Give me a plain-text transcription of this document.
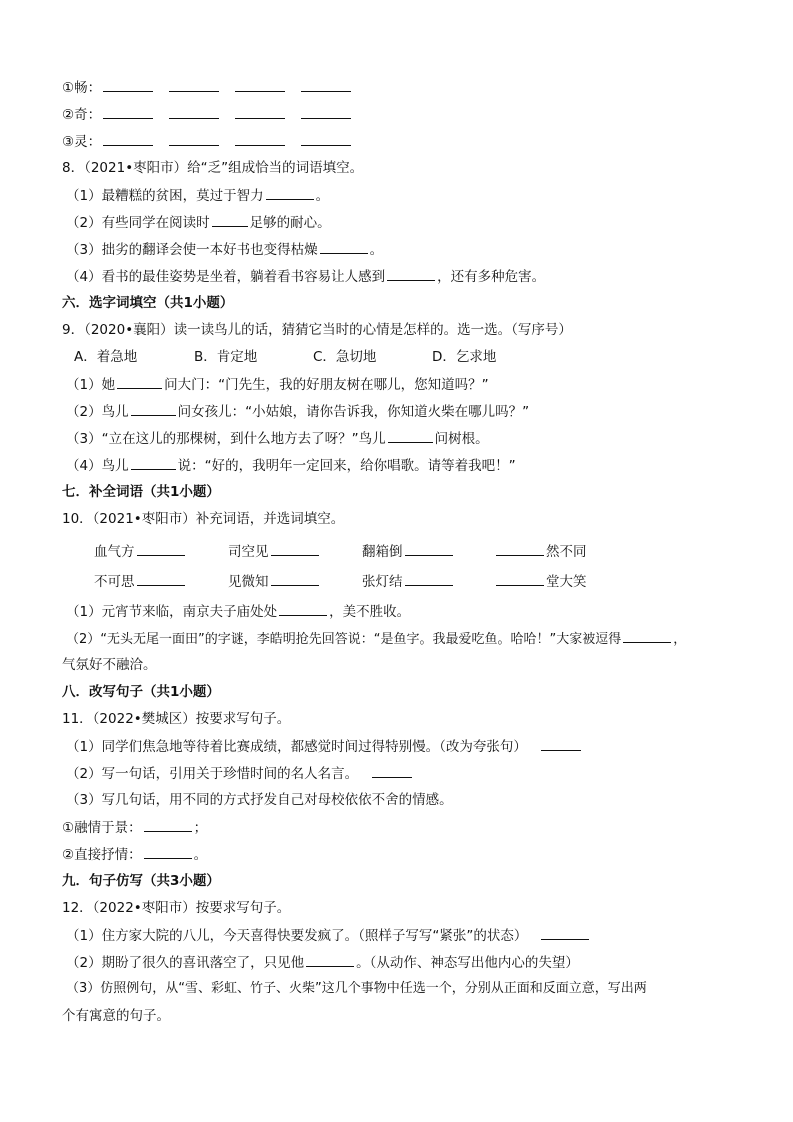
①畅：
②奇：
③灵：
8．（2021•枣阳市）给“乏”组成恰当的词语填空。
（1）最糟糕的贫困，莫过于智力	。
（2）有些同学在阅读时	足够的耐心。
（3）拙劣的翻译会使一本好书也变得枯燥	。
（4）看书的最佳姿势是坐着，躺着看书容易让人感到	，还有多种危害。
六．选字词填空（共1小题）
9．（2020•襄阳）读一读鸟儿的话，猜猜它当时的心情是怎样的。选一选。（写序号）
A．着急地	B．肯定地	C．急切地	D．乞求地
（1）她	问大门：“门先生，我的好朋友树在哪儿，您知道吗？”
（2）鸟儿	问女孩儿：“小姑娘，请你告诉我，你知道火柴在哪儿吗？”
（3）“立在这儿的那棵树，到什么地方去了呀？”鸟儿	问树根。
（4）鸟儿	说：“好的，我明年一定回来，给你唱歌。请等着我吧！”
七．补全词语（共1小题）
10．（2021•枣阳市）补充词语，并选词填空。
血气方	司空见	翻箱倒	然不同
不可思	见微知	张灯结	堂大笑
（1）元宵节来临，南京夫子庙处处	，美不胜收。
（2）“无头无尾一面田”的字谜，李皓明抢先回答说：“是鱼字。我最爱吃鱼。哈哈！”大家被逗得	，
气氛好不融洽。
八．改写句子（共1小题）
11．（2022•樊城区）按要求写句子。
（1）同学们焦急地等待着比赛成绩，都感觉时间过得特别慢。（改为夸张句）
（2）写一句话，引用关于珍惜时间的名人名言。
（3）写几句话，用不同的方式抒发自己对母校依依不舍的情感。
①融情于景：	；
②直接抒情：	。
九．句子仿写（共3小题）
12．（2022•枣阳市）按要求写句子。
（1）住方家大院的八儿，今天喜得快要发疯了。（照样子写写“紧张”的状态）
（2）期盼了很久的喜讯落空了，只见他	。（从动作、神态写出他内心的失望）
（3）仿照例句，从“雪、彩虹、竹子、火柴”这几个事物中任选一个，分别从正面和反面立意，写出两
个有寓意的句子。
